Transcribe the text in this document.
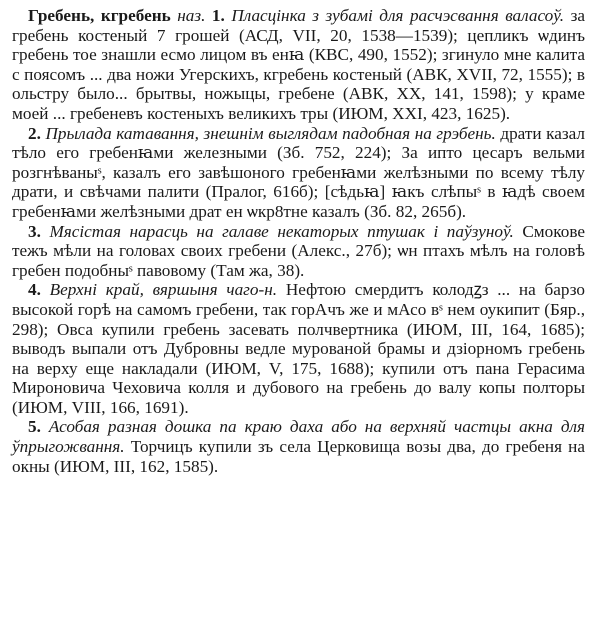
Гребень, кгребень наз. 1. Пласцінка з зубамі для расчэсвання валасоў. за гребень костеный 7 грошей (АСД, VII, 20, 1538—1539); цепликъ ѡдинъ гребень тое знашли есмо лицом въ енꙗ (КВС, 490, 1552); згинуло мне калита с поясомъ ... два ножи Угерскихъ, кгребень костеный (АВК, XVII, 72, 1555); в ольстру было... брытвы, ножыцы, гребене (АВК, XX, 141, 1598); у краме моей ... гребеневъ костеныхъ великихъ тры (ИЮМ, XXI, 423, 1625).

2. Прылада катавання, знешнім выглядам падобная на грэбень. драти казал тѣло его гребенꙗми железными (Зб. 752, 224); За ипто цесаръ вельми розгнѣваныˢ, казалъ его завѣшоного гребенꙗми желѣзными по всему тѣлу драти, и свѣчами палити (Пралог, 616б); [сѣдьꙗ] ꙗкъ слѣпыˢ в ꙗдѣ своем гребенꙗми желѣзными драт ен ѡкр8тне казалъ (Зб. 82, 265б).

3. Мясістая нарасць на галаве некаторых птушак і паўзуноў. Смокове тежъ мѣли на головах своих гребени (Алекс., 27б); ѡн птахъ мѣлъ на головѣ гребен подобныˢ павовому (Там жа, 38).

4. Верхні край, вяршыня чаго-н. Нефтою смердитъ колодꙁз ... на барзо высокой горѣ на самомъ гребени, так горАчъ же и мАсо вˢ нем оукипит (Бяр., 298); Овса купили гребень засевать полчвертника (ИЮМ, III, 164, 1685); выводъ выпали отъ Дубровны ведле мурованой брамы и дзіорномъ гребень на верху еще накладали (ИЮМ, V, 175, 1688); купили отъ пана Герасима Мироновича Чеховича колля и дубового на гребень до валу копы полторы (ИЮМ, VIII, 166, 1691).

5. Асобая разная дошка па краю даха або на верхняй частцы акна для ўпрыгожвання. Торчицъ купили зъ села Церковища возы два, до гребеня на окны (ИЮМ, III, 162, 1585).
